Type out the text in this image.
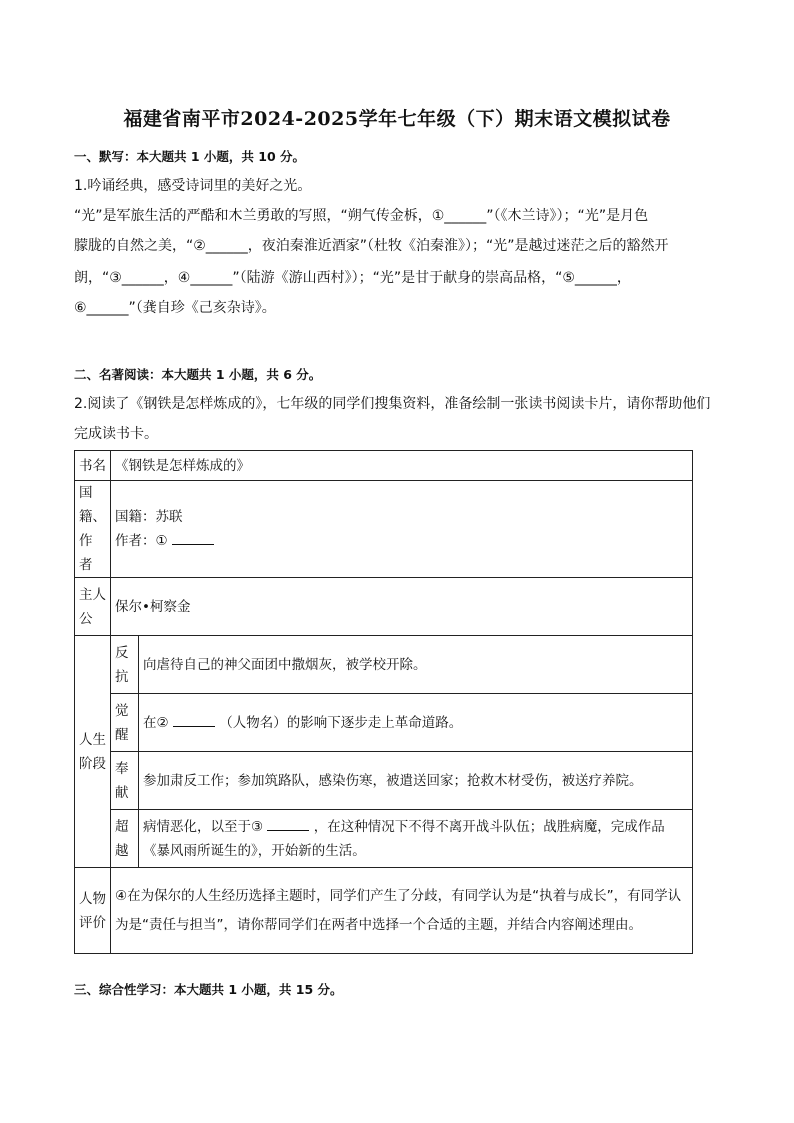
福建省南平市2024-2025学年七年级（下）期末语文模拟试卷
一、默写：本大题共 1 小题，共 10 分。

1.吟诵经典，感受诗词里的美好之光。

“光”是军旅生活的严酷和木兰勇敢的写照，“朔气传金柝，①______”（《木兰诗》）；“光”是月色

朦胧的自然之美，“②______，夜泊秦淮近酒家”（杜牧《泊秦淮》）；“光”是越过迷茫之后的豁然开

朗，“③______，④______”（陆游《游山西村》）；“光”是甘于献身的崇高品格，“⑤______，

⑥______”（龚自珍《己亥杂诗》。

二、名著阅读：本大题共 1 小题，共 6 分。

2.阅读了《钢铁是怎样炼成的》，七年级的同学们搜集资料，准备绘制一张读书阅读卡片，请你帮助他们

完成读书卡。

书名	《钢铁是怎样炼成的》	

国籍、作者	国籍：苏联
作者：①	

主人公	保尔•柯察金	

人生阶段	反抗	向虐待自己的神父面团中撒烟灰，被学校开除。

	觉醒	在② （人物名）的影响下逐步走上革命道路。

	奉献	参加肃反工作；参加筑路队，感染伤寒，被遣送回家；抢救木材受伤，被送疗养院。

	超越	病情恶化，以至于③ ，在这种情况下不得不离开战斗队伍；战胜病魔，完成作品
《暴风雨所诞生的》，开始新的生活。

人物评价	④在为保尔的人生经历选择主题时，同学们产生了分歧，有同学认为是“执着与成长”，有同学认为是“责任与担当”，请你帮同学们在两者中选择一个合适的主题，并结合内容阐述理由。	
三、综合性学习：本大题共 1 小题，共 15 分。
